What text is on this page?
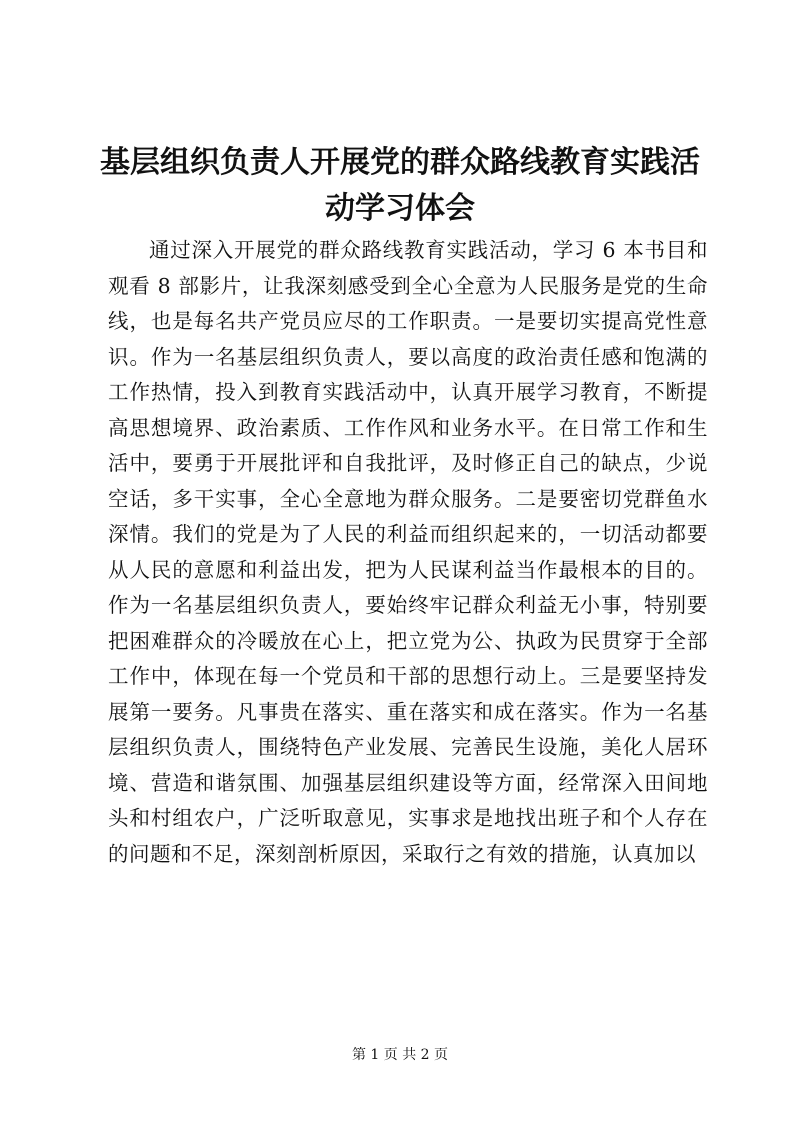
基层组织负责人开展党的群众路线教育实践活动学习体会

通过深入开展党的群众路线教育实践活动，学习 6 本书目和观看 8 部影片，让我深刻感受到全心全意为人民服务是党的生命线，也是每名共产党员应尽的工作职责。一是要切实提高党性意识。作为一名基层组织负责人，要以高度的政治责任感和饱满的工作热情，投入到教育实践活动中，认真开展学习教育，不断提高思想境界、政治素质、工作作风和业务水平。在日常工作和生活中，要勇于开展批评和自我批评，及时修正自己的缺点，少说空话，多干实事，全心全意地为群众服务。二是要密切党群鱼水深情。我们的党是为了人民的利益而组织起来的，一切活动都要从人民的意愿和利益出发，把为人民谋利益当作最根本的目的。作为一名基层组织负责人，要始终牢记群众利益无小事，特别要把困难群众的冷暖放在心上，把立党为公、执政为民贯穿于全部工作中，体现在每一个党员和干部的思想行动上。三是要坚持发展第一要务。凡事贵在落实、重在落实和成在落实。作为一名基层组织负责人，围绕特色产业发展、完善民生设施，美化人居环境、营造和谐氛围、加强基层组织建设等方面，经常深入田间地头和村组农户，广泛听取意见，实事求是地找出班子和个人存在的问题和不足，深刻剖析原因，采取行之有效的措施，认真加以

第 1 页 共 2 页
